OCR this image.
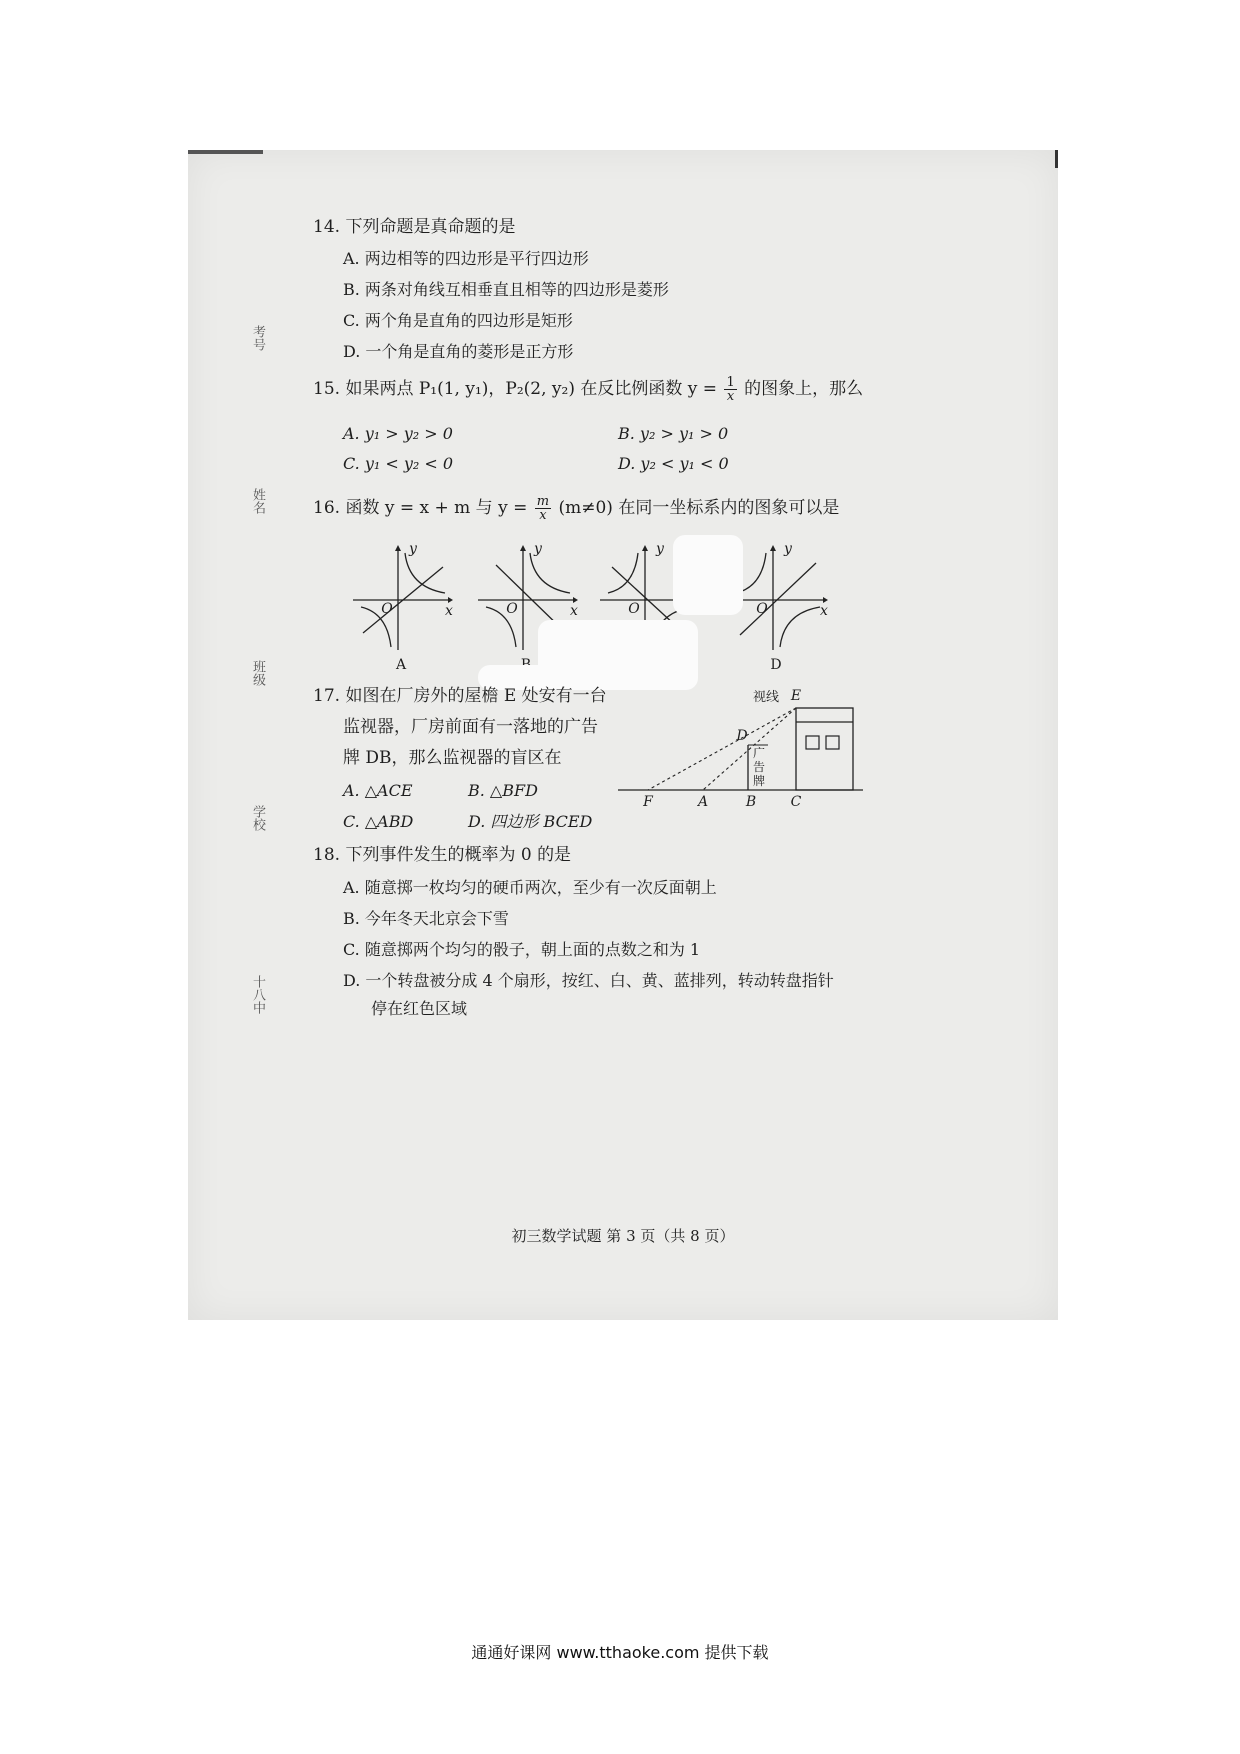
考号
姓名
班级
学校
十八中
14. 下列命题是真命题的是
A. 两边相等的四边形是平行四边形
B. 两条对角线互相垂直且相等的四边形是菱形
C. 两个角是直角的四边形是矩形
D. 一个角是直角的菱形是正方形
15. 如果两点 P₁(1, y₁)，P₂(2, y₂) 在反比例函数 $y = \frac{1}{x}$ 的图象上，那么
A. y₁ > y₂ > 0	B. y₂ > y₁ > 0
C. y₁ < y₂ < 0	D. y₂ < y₁ < 0
16. 函数 y = x + m 与 $y = \frac{m}{x} (m\ne 0)$ 在同一坐标系内的图象可以是
y
x
O
A
y
x
O
y
O
y
x
O
D
17. 如图在厂房外的屋檐 E 处安有一台
监视器，厂房前面有一落地的广告
牌 DB，那么监视器的盲区在
A. △ACE	B. △BFD
C. △ABD	D. 四边形 BCED
视线 E
D
广告牌
F	A	B	C
18. 下列事件发生的概率为 0 的是
A. 随意掷一枚均匀的硬币两次，至少有一次反面朝上
B. 今年冬天北京会下雪
C. 随意掷两个均匀的骰子，朝上面的点数之和为 1
D. 一个转盘被分成 4 个扇形，按红、白、黄、蓝排列，转动转盘指针
停在红色区域
初三数学试题 第 3 页（共 8 页）
通通好课网 www.tthaoke.com 提供下载
